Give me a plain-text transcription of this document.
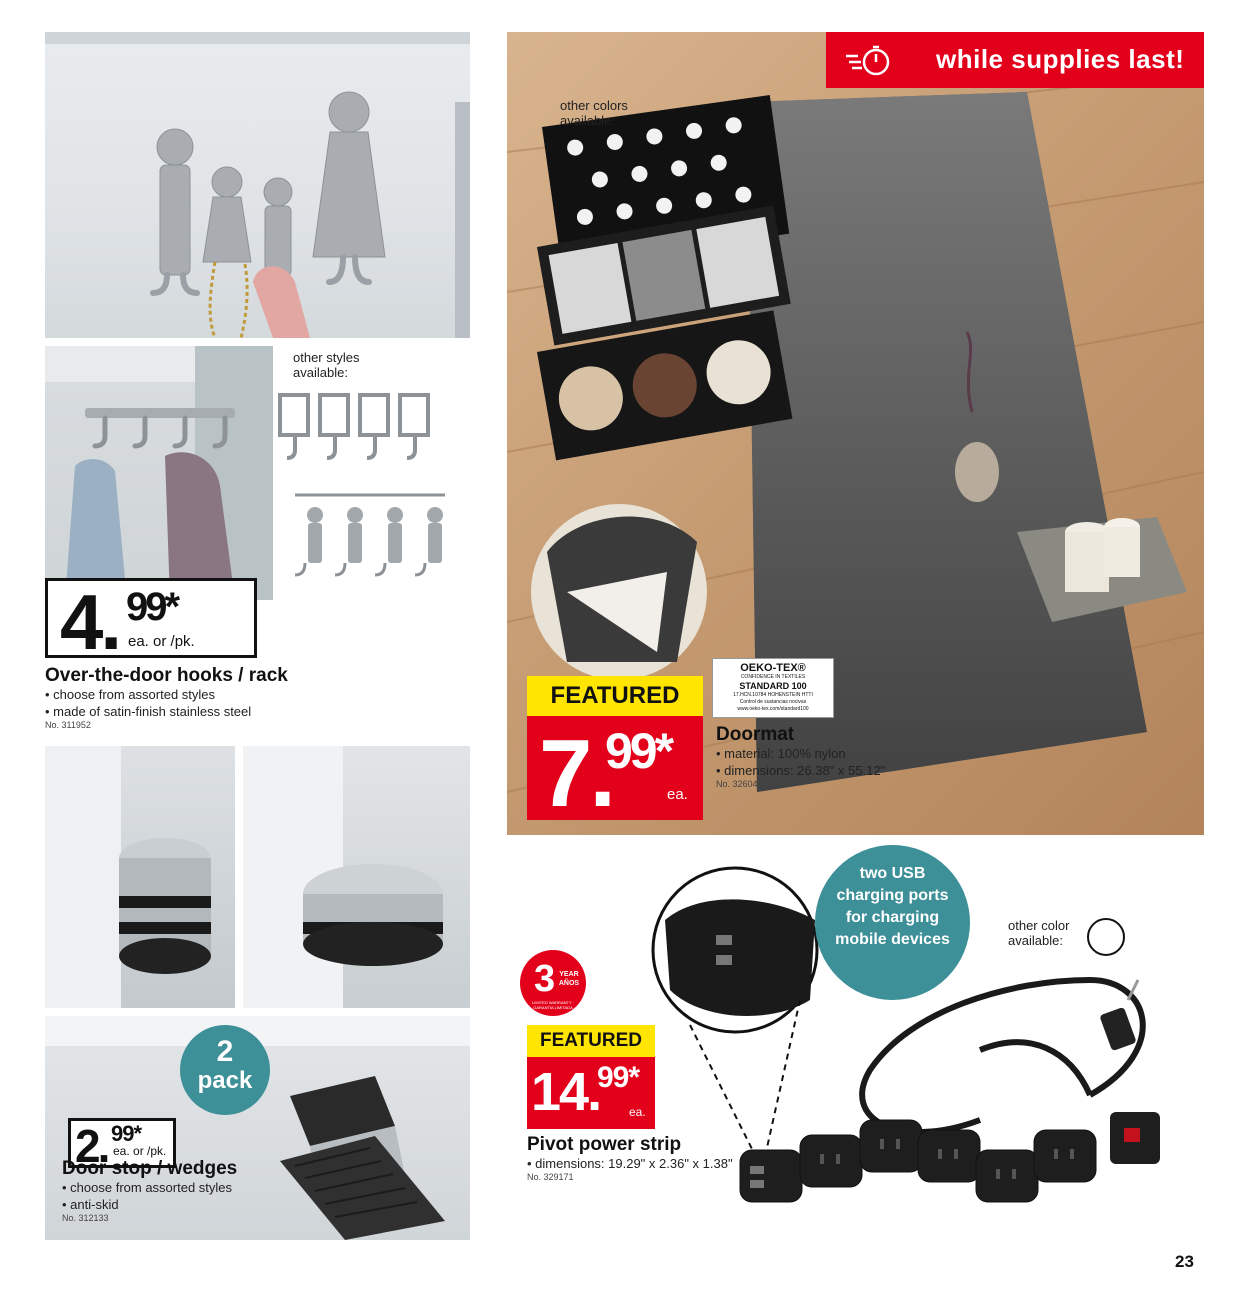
other styles available:
4. 99*
ea. or /pk.
Over-the-door hooks / rack
• choose from assorted styles
• made of satin-finish stainless steel
No. 311952
2
pack
2. 99*
ea. or /pk.
Door stop / wedges
• choose from assorted styles
• anti-skid
No. 312133
while supplies last!
other colors available:
OEKO-TEX®
CONFIDENCE IN TEXTILES
STANDARD 100
17.HCN.10784 HOHENSTEIN HTTI
Control de sustancias nocivas
www.oeko-tex.com/standard100
FEATURED
7.
99*
ea.
Doormat
• material: 100% nylon
• dimensions: 26.38" x 55.12"
No. 326047
two USB charging ports for charging mobile devices
other color available:
3 YEAR AÑOS
LIMITED WARRANTY · GARANTÍA LIMITADA
FEATURED
14.
99*
ea.
Pivot power strip
• dimensions: 19.29" x 2.36" x 1.38"
No. 329171
23
